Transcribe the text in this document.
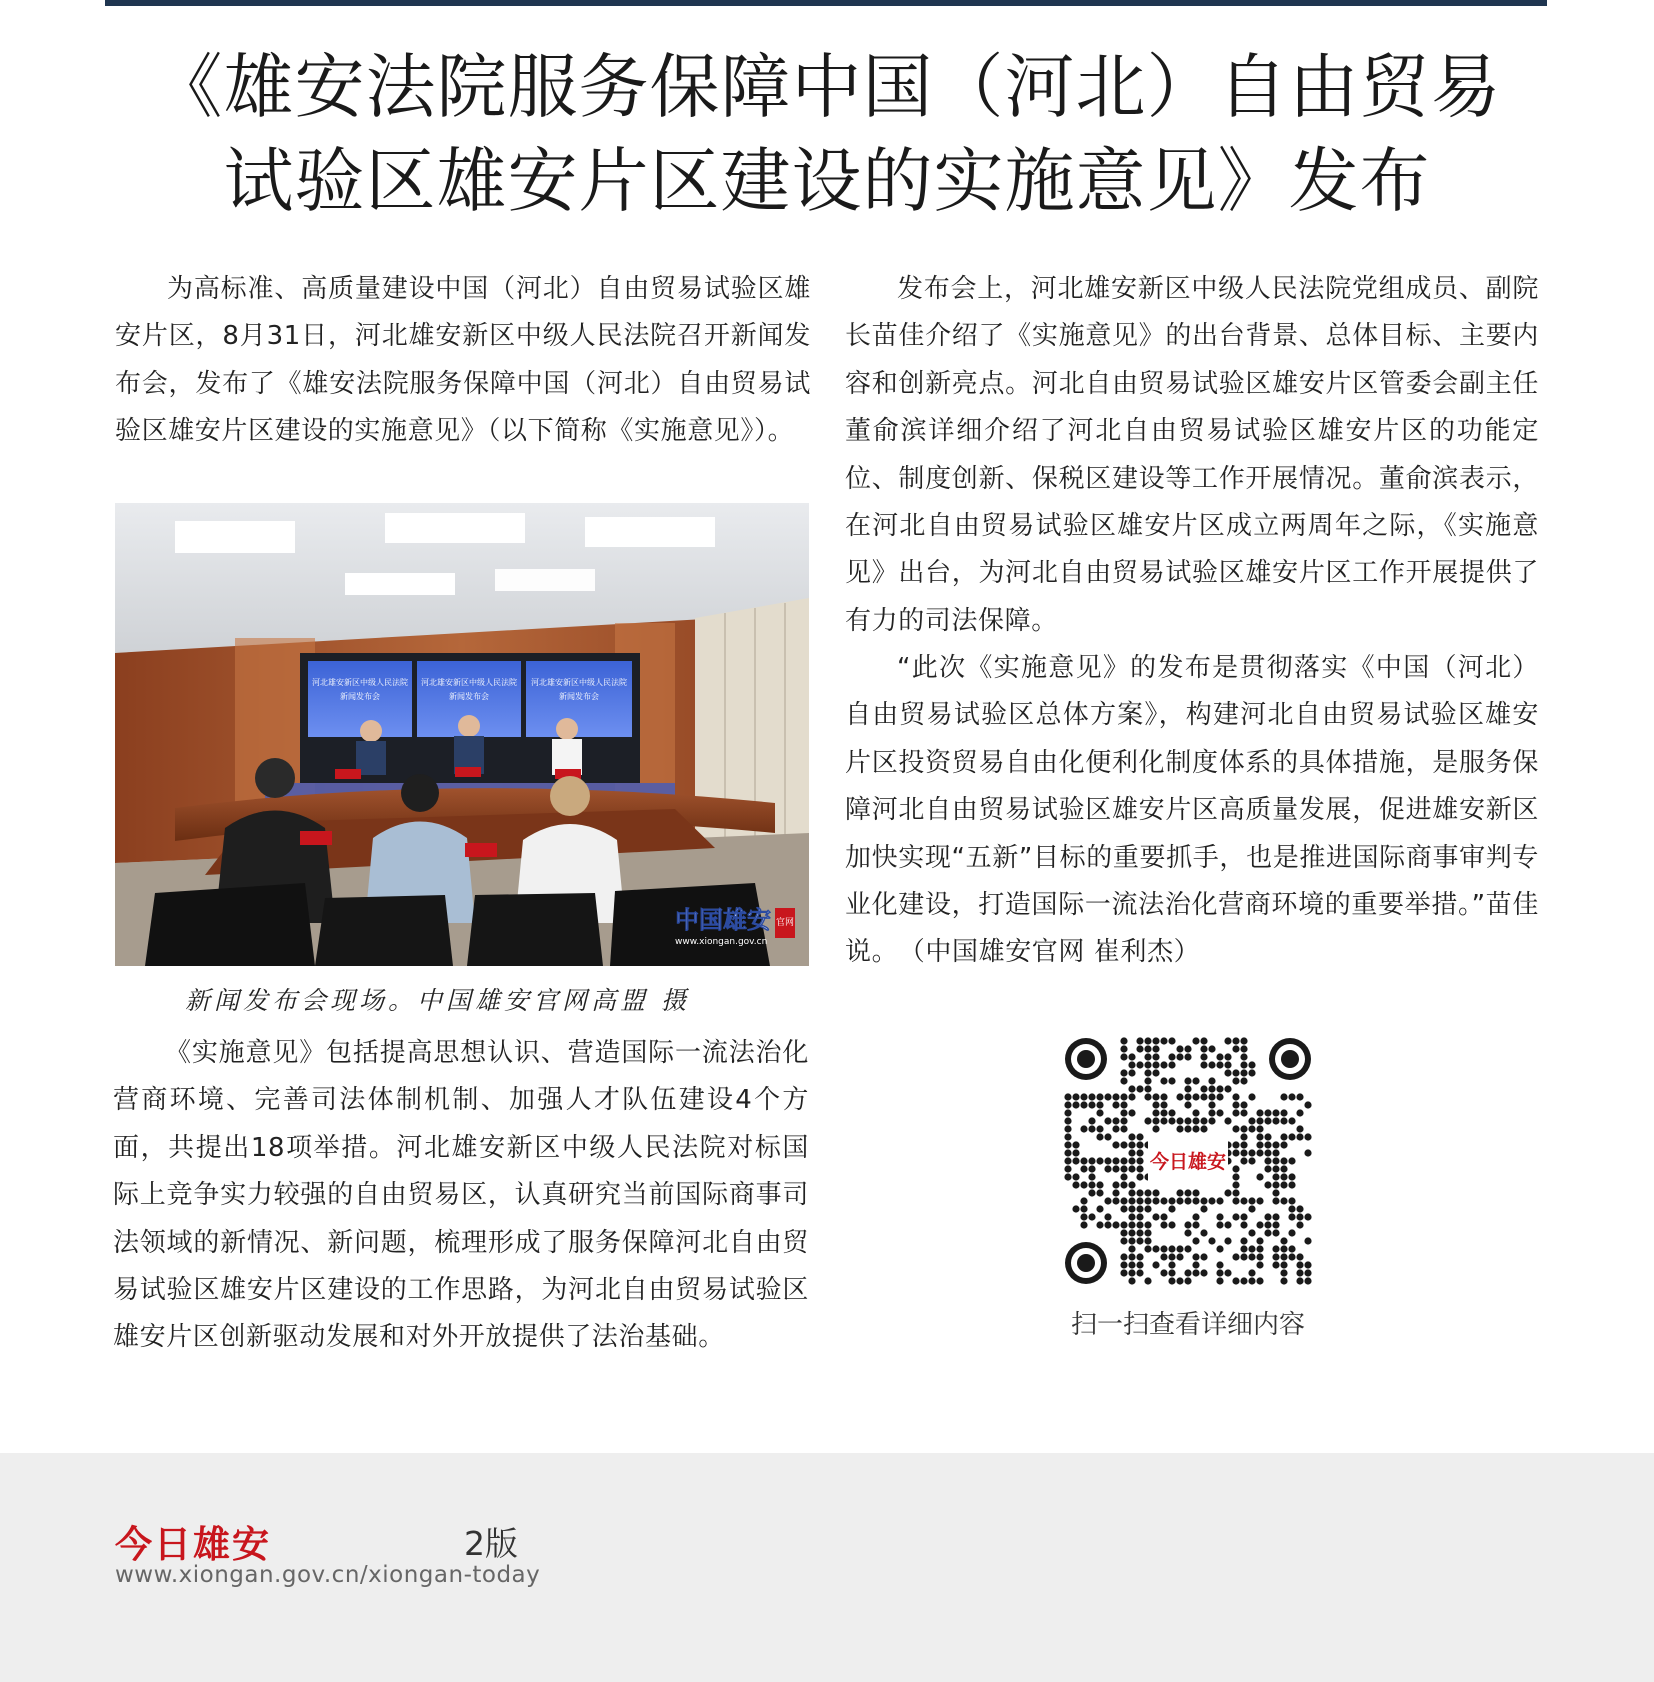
《雄安法院服务保障中国（河北）自由贸易
试验区雄安片区建设的实施意见》发布

为高标准、高质量建设中国（河北）自由贸易试验区雄安片区，8月31日，河北雄安新区中级人民法院召开新闻发布会，发布了《雄安法院服务保障中国（河北）自由贸易试验区雄安片区建设的实施意见》（以下简称《实施意见》）。

河北雄安新区中级人民法院
新闻发布会
河北雄安新区中级人民法院
新闻发布会
河北雄安新区中级人民法院
新闻发布会
中国雄安 官网
www.xiongan.gov.cn
新闻发布会现场。中国雄安官网高盟 摄

《实施意见》包括提高思想认识、营造国际一流法治化营商环境、完善司法体制机制、加强人才队伍建设4个方面，共提出18项举措。河北雄安新区中级人民法院对标国际上竞争实力较强的自由贸易区，认真研究当前国际商事司法领域的新情况、新问题，梳理形成了服务保障河北自由贸易试验区雄安片区建设的工作思路，为河北自由贸易试验区雄安片区创新驱动发展和对外开放提供了法治基础。

发布会上，河北雄安新区中级人民法院党组成员、副院长苗佳介绍了《实施意见》的出台背景、总体目标、主要内容和创新亮点。河北自由贸易试验区雄安片区管委会副主任董俞滨详细介绍了河北自由贸易试验区雄安片区的功能定位、制度创新、保税区建设等工作开展情况。董俞滨表示，在河北自由贸易试验区雄安片区成立两周年之际，《实施意见》出台，为河北自由贸易试验区雄安片区工作开展提供了有力的司法保障。

“此次《实施意见》的发布是贯彻落实《中国（河北）自由贸易试验区总体方案》，构建河北自由贸易试验区雄安片区投资贸易自由化便利化制度体系的具体措施，是服务保障河北自由贸易试验区雄安片区高质量发展，促进雄安新区加快实现“五新”目标的重要抓手，也是推进国际商事审判专业化建设，打造国际一流法治化营商环境的重要举措。”苗佳说。　（中国雄安官网 崔利杰）

今日雄安
扫一扫查看详细内容
今日雄安	2版
www.xiongan.gov.cn/xiongan-today
